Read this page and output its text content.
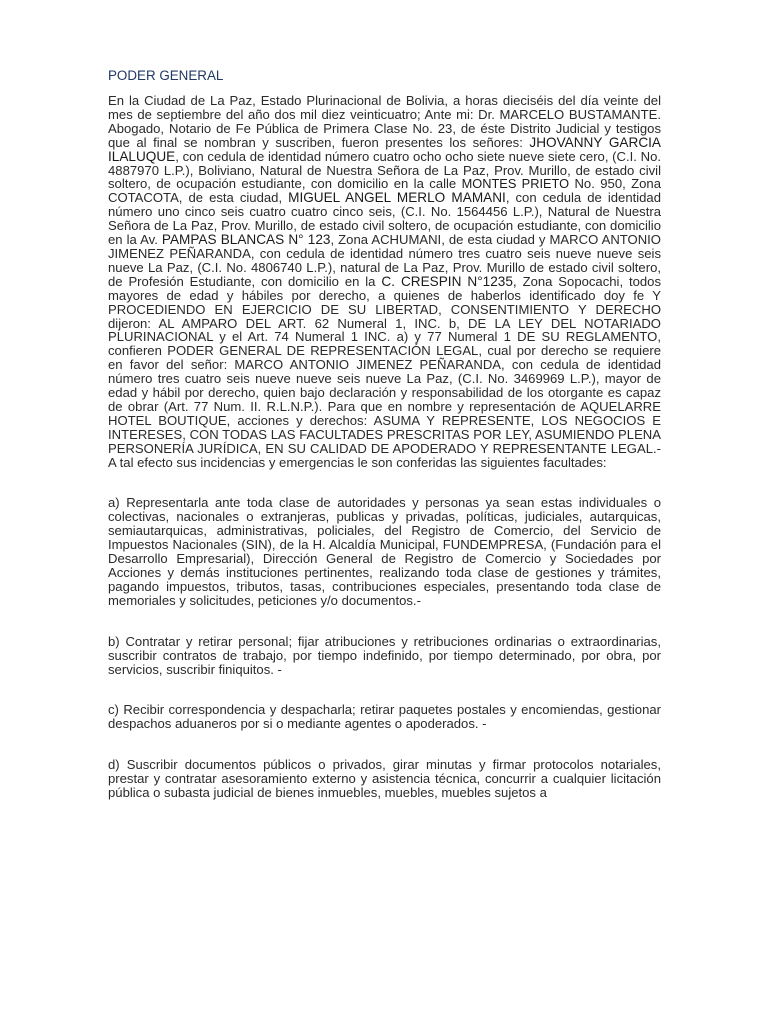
PODER GENERAL

En la Ciudad de La Paz, Estado Plurinacional de Bolivia, a horas dieciséis del día veinte del mes de septiembre del año dos mil diez veinticuatro; Ante mi: Dr. MARCELO BUSTAMANTE. Abogado, Notario de Fe Pública de Primera Clase No. 23, de éste Distrito Judicial y testigos que al final se nombran y suscriben, fueron presentes los señores: JHOVANNY GARCIA ILALUQUE, con cedula de identidad número cuatro ocho ocho siete nueve siete cero, (C.I. No. 4887970 L.P.), Boliviano, Natural de Nuestra Señora de La Paz, Prov. Murillo, de estado civil soltero, de ocupación estudiante, con domicilio en la calle MONTES PRIETO No. 950, Zona COTACOTA, de esta ciudad, MIGUEL ANGEL MERLO MAMANI, con cedula de identidad número uno cinco seis cuatro cuatro cinco seis, (C.I. No. 1564456 L.P.), Natural de Nuestra Señora de La Paz, Prov. Murillo, de estado civil soltero, de ocupación estudiante, con domicilio en la Av. PAMPAS BLANCAS N° 123, Zona ACHUMANI, de esta ciudad y MARCO ANTONIO JIMENEZ PEÑARANDA, con cedula de identidad número tres cuatro seis nueve nueve seis nueve La Paz, (C.I. No. 4806740 L.P.), natural de La Paz, Prov. Murillo de estado civil soltero, de Profesión Estudiante, con domicilio en la C. CRESPIN N°1235, Zona Sopocachi, todos mayores de edad y hábiles por derecho, a quienes de haberlos identificado doy fe Y PROCEDIENDO EN EJERCICIO DE SU LIBERTAD, CONSENTIMIENTO Y DERECHO dijeron: AL AMPARO DEL ART. 62 Numeral 1, INC. b, DE LA LEY DEL NOTARIADO PLURINACIONAL y el Art. 74 Numeral 1 INC. a) y 77 Numeral 1 DE SU REGLAMENTO, confieren PODER GENERAL DE REPRESENTACIÓN LEGAL, cual por derecho se requiere en favor del señor: MARCO ANTONIO JIMENEZ PEÑARANDA, con cedula de identidad número tres cuatro seis nueve nueve seis nueve La Paz, (C.I. No. 3469969 L.P.), mayor de edad y hábil por derecho, quien bajo declaración y responsabilidad de los otorgante es capaz de obrar (Art. 77 Num. II. R.L.N.P.). Para que en nombre y representación de AQUELARRE HOTEL BOUTIQUE, acciones y derechos: ASUMA Y REPRESENTE, LOS NEGOCIOS E INTERESES, CON TODAS LAS FACULTADES PRESCRITAS POR LEY, ASUMIENDO PLENA PERSONERÍA JURÍDICA, EN SU CALIDAD DE APODERADO Y REPRESENTANTE LEGAL.- A tal efecto sus incidencias y emergencias le son conferidas las siguientes facultades:

a) Representarla ante toda clase de autoridades y personas ya sean estas individuales o colectivas, nacionales o extranjeras, publicas y privadas, políticas, judiciales, autarquicas, semiautarquicas, administrativas, policiales, del Registro de Comercio, del Servicio de Impuestos Nacionales (SIN), de la H. Alcaldía Municipal, FUNDEMPRESA, (Fundación para el Desarrollo Empresarial), Dirección General de Registro de Comercio y Sociedades por Acciones y demás instituciones pertinentes, realizando toda clase de gestiones y trámites, pagando impuestos, tributos, tasas, contribuciones especiales, presentando toda clase de memoriales y solicitudes, peticiones y/o documentos.-

b) Contratar y retirar personal; fijar atribuciones y retribuciones ordinarias o extraordinarias, suscribir contratos de trabajo, por tiempo indefinido, por tiempo determinado, por obra, por servicios, suscribir finiquitos. -

c) Recibir correspondencia y despacharla; retirar paquetes postales y encomiendas, gestionar despachos aduaneros por si o mediante agentes o apoderados. -

d) Suscribir documentos públicos o privados, girar minutas y firmar protocolos notariales, prestar y contratar asesoramiento externo y asistencia técnica, concurrir a cualquier licitación pública o subasta judicial de bienes inmuebles, muebles, muebles sujetos a
